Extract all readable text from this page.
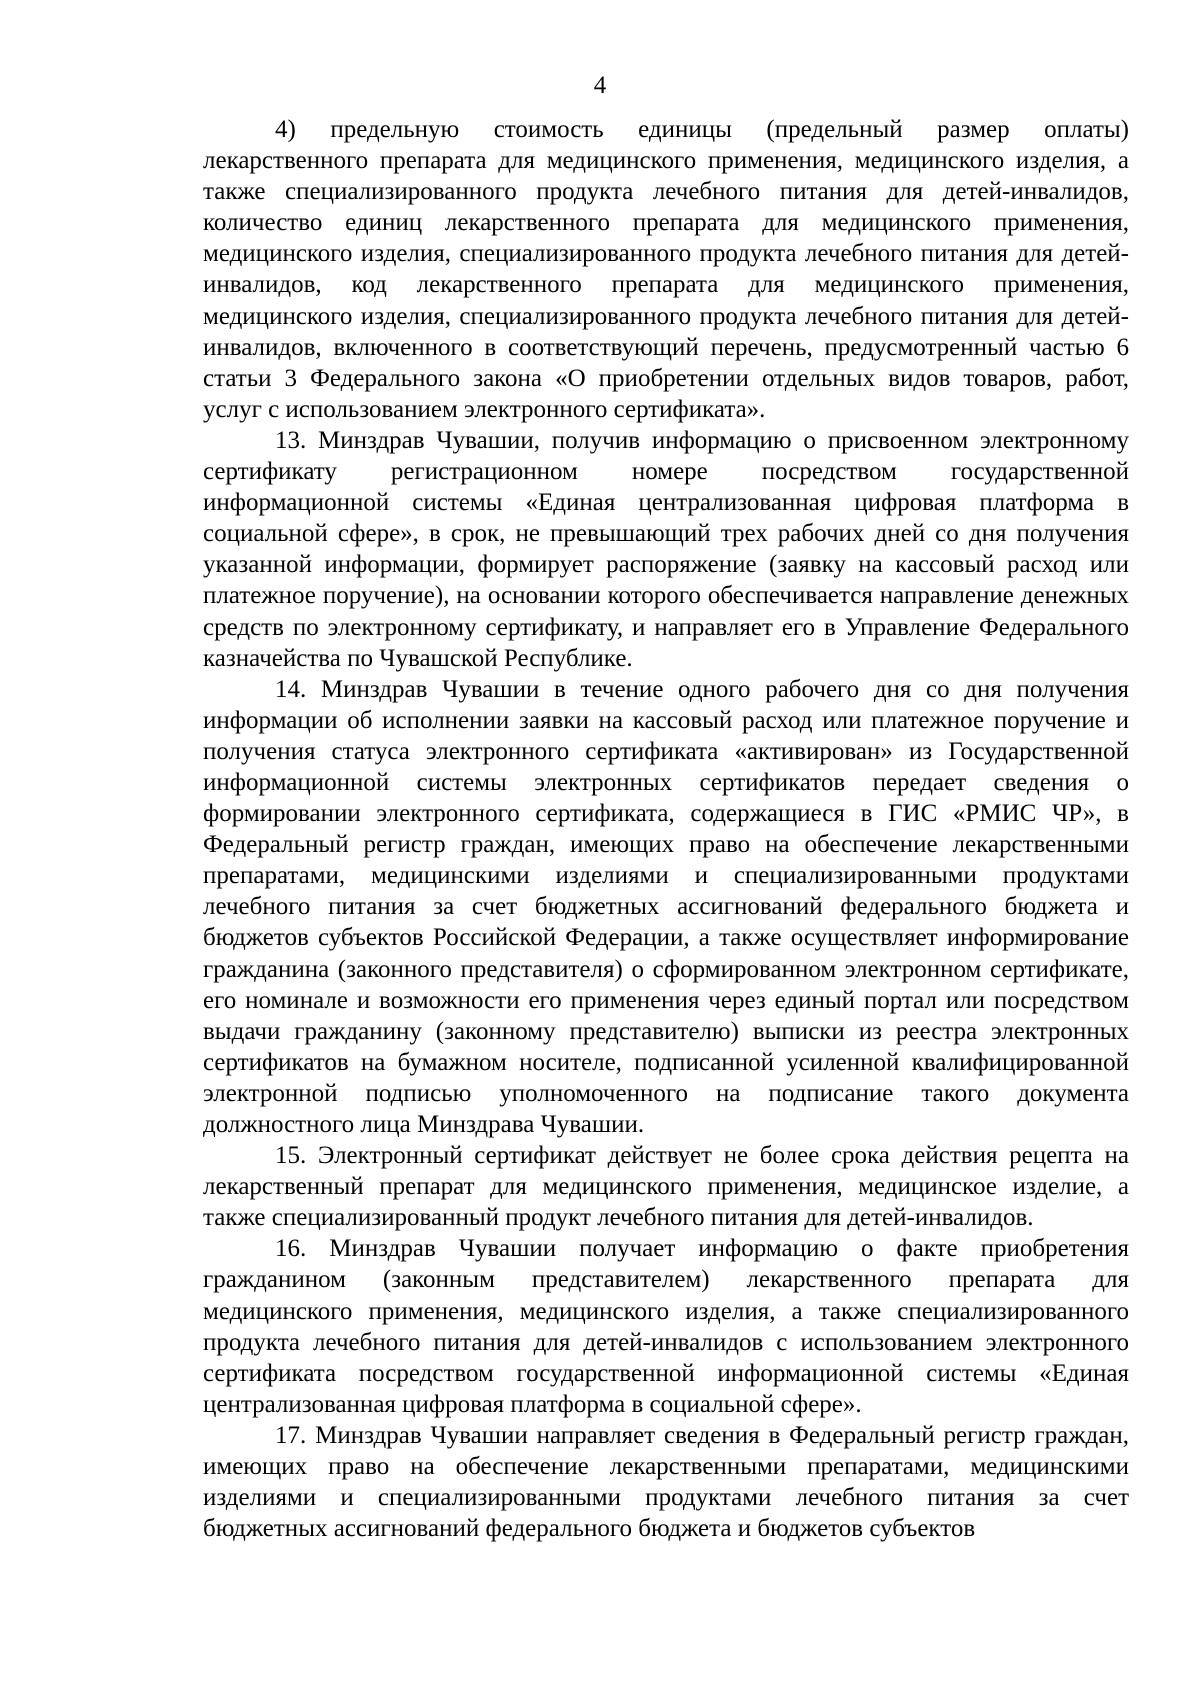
4

4) предельную стоимость единицы (предельный размер оплаты) лекарственного препарата для медицинского применения, медицинского изделия, а также специализированного продукта лечебного питания для детей-инвалидов, количество единиц лекарственного препарата для медицинского применения, медицинского изделия, специализированного продукта лечебного питания для детей-инвалидов, код лекарственного препарата для медицинского применения, медицинского изделия, специализированного продукта лечебного питания для детей-инвалидов, включенного в соответствующий перечень, предусмотренный частью 6 статьи 3 Федерального закона «О приобретении отдельных видов товаров, работ, услуг с использованием электронного сертификата».

13. Минздрав Чувашии, получив информацию о присвоенном электронному сертификату регистрационном номере посредством государственной информационной системы «Единая централизованная цифровая платформа в социальной сфере», в срок, не превышающий трех рабочих дней со дня получения указанной информации, формирует распоряжение (заявку на кассовый расход или платежное поручение), на основании которого обеспечивается направление денежных средств по электронному сертификату, и направляет его в Управление Федерального казначейства по Чувашской Республике.

14. Минздрав Чувашии в течение одного рабочего дня со дня получения информации об исполнении заявки на кассовый расход или платежное поручение и получения статуса электронного сертификата «активирован» из Государственной информационной системы электронных сертификатов передает сведения о формировании электронного сертификата, содержащиеся в ГИС «РМИС ЧР», в Федеральный регистр граждан, имеющих право на обеспечение лекарственными препаратами, медицинскими изделиями и специализированными продуктами лечебного питания за счет бюджетных ассигнований федерального бюджета и бюджетов субъектов Российской Федерации, а также осуществляет информирование гражданина (законного представителя) о сформированном электронном сертификате, его номинале и возможности его применения через единый портал или посредством выдачи гражданину (законному представителю) выписки из реестра электронных сертификатов на бумажном носителе, подписанной усиленной квалифицированной электронной подписью уполномоченного на подписание такого документа должностного лица Минздрава Чувашии.

15. Электронный сертификат действует не более срока действия рецепта на лекарственный препарат для медицинского применения, медицинское изделие, а также специализированный продукт лечебного питания для детей-инвалидов.

16. Минздрав Чувашии получает информацию о факте приобретения гражданином (законным представителем) лекарственного препарата для медицинского применения, медицинского изделия, а также специализированного продукта лечебного питания для детей-инвалидов с использованием электронного сертификата посредством государственной информационной системы «Единая централизованная цифровая платформа в социальной сфере».

17. Минздрав Чувашии направляет сведения в Федеральный регистр граждан, имеющих право на обеспечение лекарственными препаратами, медицинскими изделиями и специализированными продуктами лечебного питания за счет бюджетных ассигнований федерального бюджета и бюджетов субъектов
